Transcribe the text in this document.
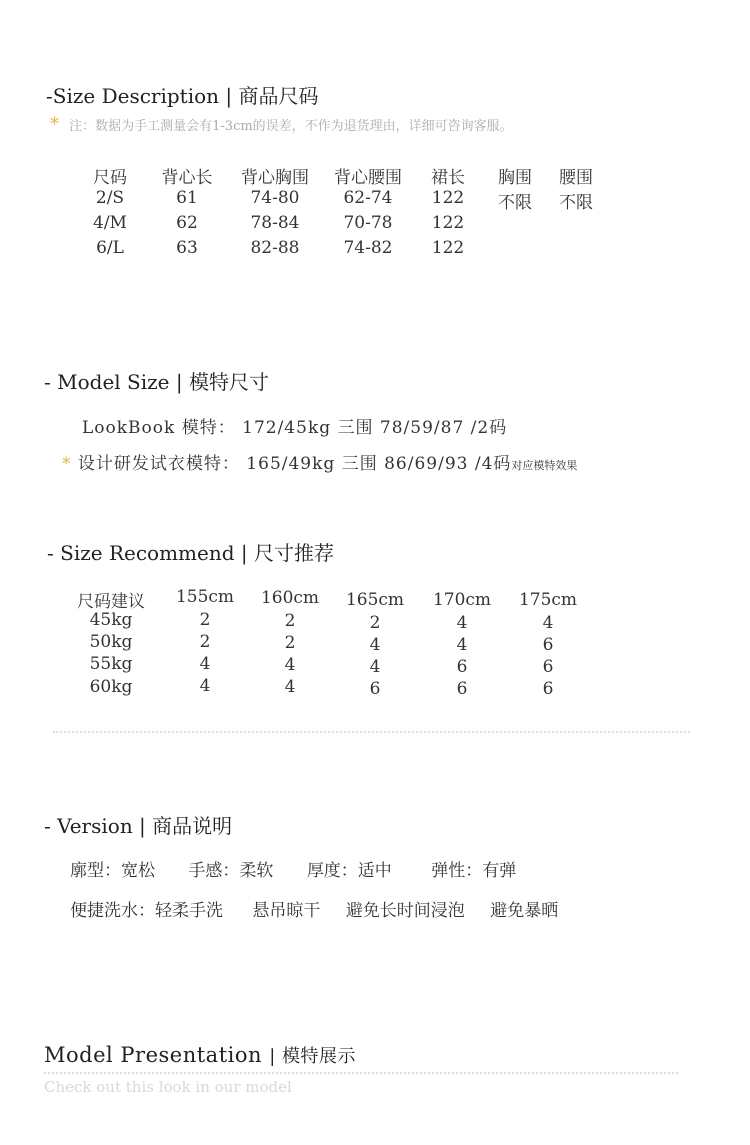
-Size Description | 商品尺码
* 注：数据为手工测量会有1-3cm的误差，不作为退货理由，详细可咨询客服。
尺码	背心长	背心胸围	背心腰围	裙长	胸围	腰围
2/S	61	74-80	62-74	122	不限	不限
4/M	62	78-84	70-78	122
6/L	63	82-88	74-82	122
- Model Size | 模特尺寸
LookBook 模特： 172/45kg 三围 78/59/87 /2码
* 设计研发试衣模特： 165/49kg 三围 86/69/93 /4码对应模特效果
- Size Recommend | 尺寸推荐
尺码建议	155cm	160cm	165cm	170cm	175cm
45kg	2	2	2	4	4
50kg	2	2	4	4	6
55kg	4	4	4	6	6
60kg	4	4	6	6	6
- Version | 商品说明
廓型：宽松 手感：柔软 厚度：适中 弹性：有弹
便捷洗水：轻柔手洗 悬吊晾干 避免长时间浸泡 避免暴晒
Model Presentation | 模特展示
Check out this look in our model
